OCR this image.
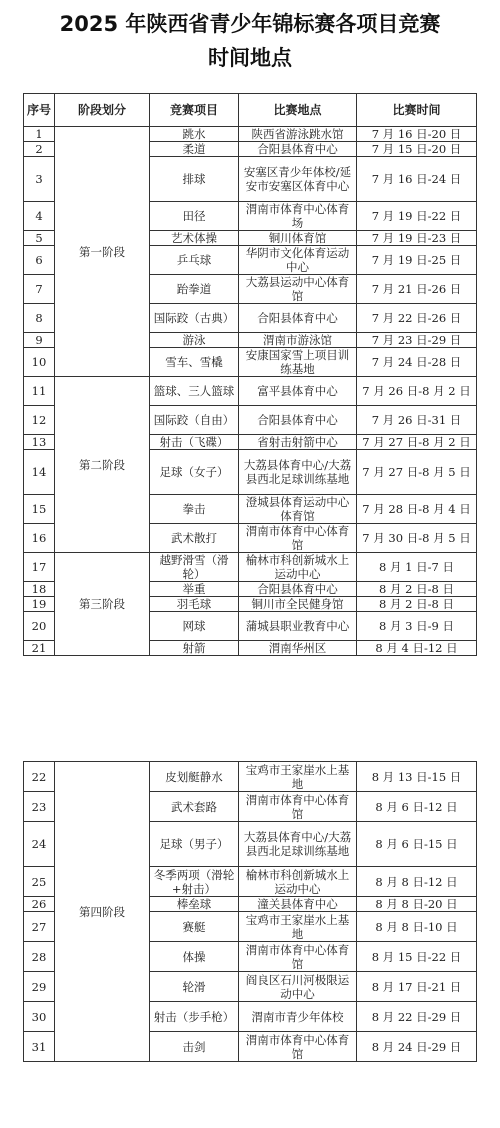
2025 年陕西省青少年锦标赛各项目竞赛
时间地点
序号	阶段划分	竞赛项目	比赛地点	比赛时间
1	第一阶段	跳水	陕西省游泳跳水馆	7 月 16 日-20 日
2		柔道	合阳县体育中心	7 月 15 日-20 日
3		排球	安塞区青少年体校/延安市安塞区体育中心	7 月 16 日-24 日
4		田径	渭南市体育中心体育场	7 月 19 日-22 日
5		艺术体操	铜川体育馆	7 月 19 日-23 日
6		乒乓球	华阴市文化体育运动中心	7 月 19 日-25 日
7		跆拳道	大荔县运动中心体育馆	7 月 21 日-26 日
8		国际跤（古典）	合阳县体育中心	7 月 22 日-26 日
9		游泳	渭南市游泳馆	7 月 23 日-29 日
10		雪车、雪橇	安康国家雪上项目训练基地	7 月 24 日-28 日
11	第二阶段	篮球、三人篮球	富平县体育中心	7 月 26 日-8 月 2 日
12		国际跤（自由）	合阳县体育中心	7 月 26 日-31 日
13		射击（飞碟）	省射击射箭中心	7 月 27 日-8 月 2 日
14		足球（女子）	大荔县体育中心/大荔县西北足球训练基地	7 月 27 日-8 月 5 日
15		拳击	澄城县体育运动中心体育馆	7 月 28 日-8 月 4 日
16		武术散打	渭南市体育中心体育馆	7 月 30 日-8 月 5 日
17	第三阶段	越野滑雪（滑轮）	榆林市科创新城水上运动中心	8 月 1 日-7 日
18		举重	合阳县体育中心	8 月 2 日-8 日
19		羽毛球	铜川市全民健身馆	8 月 2 日-8 日
20		网球	蒲城县职业教育中心	8 月 3 日-9 日
21		射箭	渭南华州区	8 月 4 日-12 日
22	第四阶段	皮划艇静水	宝鸡市王家崖水上基地	8 月 13 日-15 日
23		武术套路	渭南市体育中心体育馆	8 月 6 日-12 日
24		足球（男子）	大荔县体育中心/大荔县西北足球训练基地	8 月 6 日-15 日
25		冬季两项（滑轮+射击）	榆林市科创新城水上运动中心	8 月 8 日-12 日
26		棒垒球	潼关县体育中心	8 月 8 日-20 日
27		赛艇	宝鸡市王家崖水上基地	8 月 8 日-10 日
28		体操	渭南市体育中心体育馆	8 月 15 日-22 日
29		轮滑	阎良区石川河极限运动中心	8 月 17 日-21 日
30		射击（步手枪）	渭南市青少年体校	8 月 22 日-29 日
31		击剑	渭南市体育中心体育馆	8 月 24 日-29 日
